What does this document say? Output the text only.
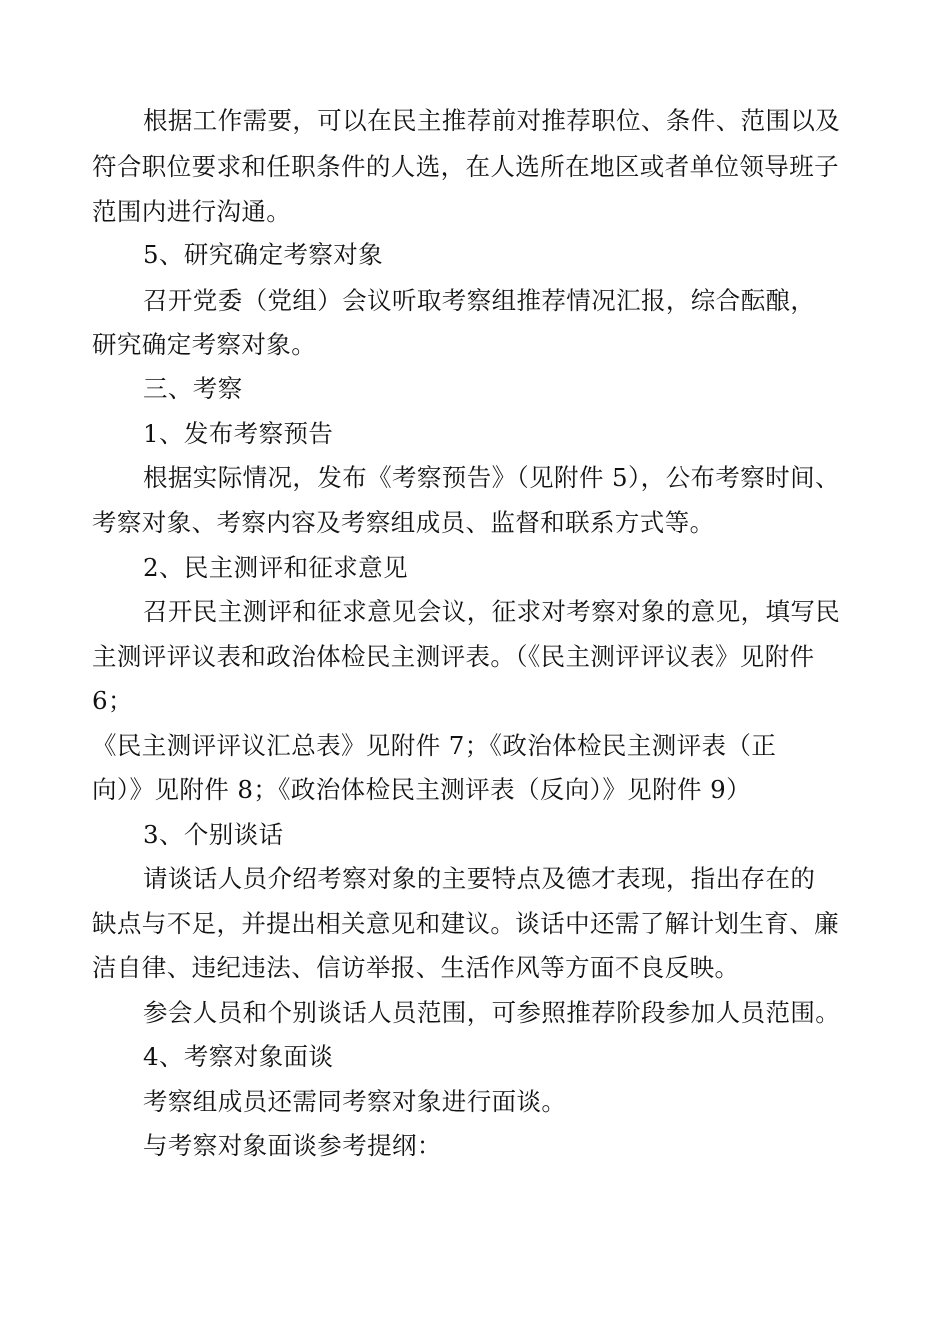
根据工作需要，可以在民主推荐前对推荐职位、条件、范围以及
符合职位要求和任职条件的人选，在人选所在地区或者单位领导班子
范围内进行沟通。
5、研究确定考察对象
召开党委（党组）会议听取考察组推荐情况汇报，综合酝酿，
研究确定考察对象。
三、考察
1、发布考察预告
根据实际情况，发布《考察预告》（见附件 5），公布考察时间、
考察对象、考察内容及考察组成员、监督和联系方式等。
2、民主测评和征求意见
召开民主测评和征求意见会议，征求对考察对象的意见，填写民
主测评评议表和政治体检民主测评表。（《民主测评评议表》见附件
6；
《民主测评评议汇总表》见附件 7；《政治体检民主测评表（正
向）》见附件 8；《政治体检民主测评表（反向）》见附件 9）
3、个别谈话
请谈话人员介绍考察对象的主要特点及德才表现，指出存在的
缺点与不足，并提出相关意见和建议。谈话中还需了解计划生育、廉
洁自律、违纪违法、信访举报、生活作风等方面不良反映。
参会人员和个别谈话人员范围，可参照推荐阶段参加人员范围。
4、考察对象面谈
考察组成员还需同考察对象进行面谈。
与考察对象面谈参考提纲：
